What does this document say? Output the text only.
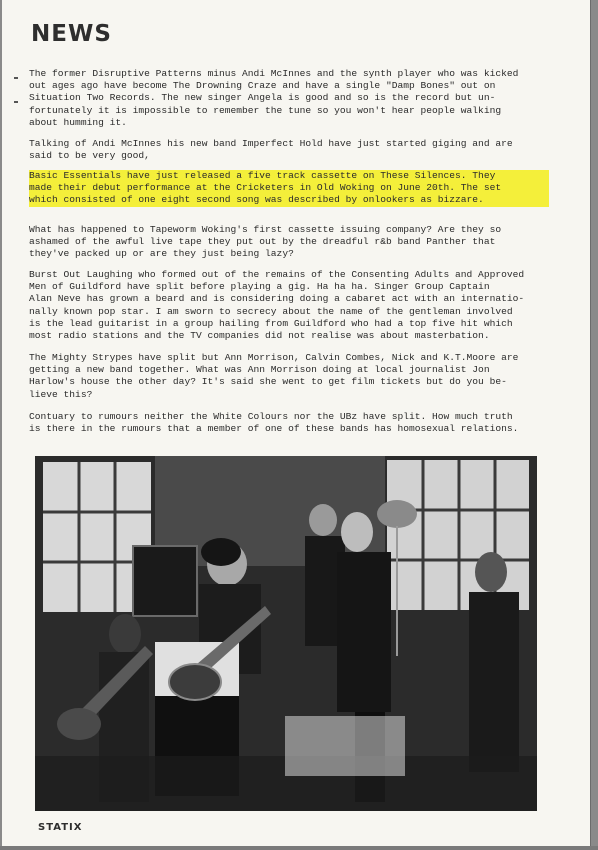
NEWS
The former Disruptive Patterns minus Andi McInnes and the synth player who was kicked
out ages ago have become The Drowning Craze and have a single "Damp Bones" out on
Situation Two Records. The new singer Angela is good and so is the record but un-
fortunately it is impossible to remember the tune so you won't hear people walking
about humming it.
Talking of Andi McInnes his new band Imperfect Hold have just started giging and are
said to be very good,
Basic Essentials have just released a five track cassette on These Silences. They
made their debut performance at the Cricketers in Old Woking on June 20th. The set
which consisted of one eight second song was described by onlookers as bizzare.
What has happened to Tapeworm Woking's first cassette issuing company? Are they so
ashamed of the awful live tape they put out by the dreadful r&b band Panther that
they've packed up or are they just being lazy?
Burst Out Laughing who formed out of the remains of the Consenting Adults and Approved
Men of Guildford have split before playing a gig. Ha ha ha. Singer Group Captain
Alan Neve has grown a beard and is considering doing a cabaret act with an internatio-
nally known pop star. I am sworn to secrecy about the name of the gentleman involved
is the lead guitarist in a group hailing from Guildford who had a top five hit which
most radio stations and the TV companies did not realise was about masterbation.
The Mighty Strypes have split but Ann Morrison, Calvin Combes, Nick and K.T.Moore are
getting a new band together. What was Ann Morrison doing at local journalist Jon
Harlow's house the other day? It's said she went to get film tickets but do you be-
lieve this?
Contuary to rumours neither the White Colours nor the UBz have split. How much truth
is there in the rumours that a member of one of these bands has homosexual relations.
STATIX
